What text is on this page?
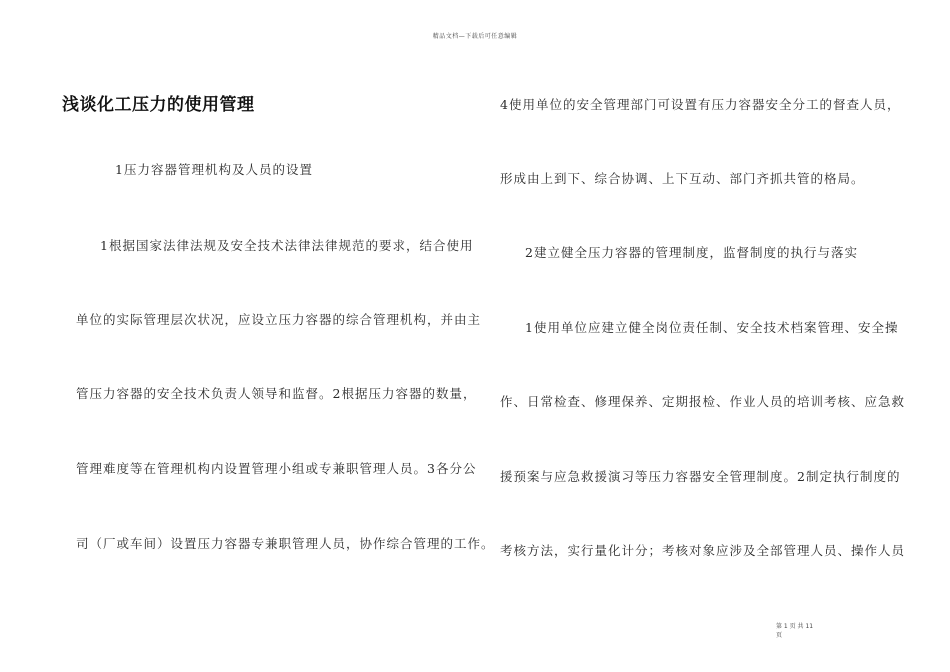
精品文档—下载后可任意编辑
浅谈化工压力的使用管理
1压力容器管理机构及人员的设置
1根据国家法律法规及安全技术法律法律规范的要求，结合使用
单位的实际管理层次状况，应设立压力容器的综合管理机构，并由主
管压力容器的安全技术负责人领导和监督。2根据压力容器的数量，
管理难度等在管理机构内设置管理小组或专兼职管理人员。3各分公
司（厂或车间）设置压力容器专兼职管理人员，协作综合管理的工作。
4使用单位的安全管理部门可设置有压力容器安全分工的督查人员，
形成由上到下、综合协调、上下互动、部门齐抓共管的格局。
2建立健全压力容器的管理制度，监督制度的执行与落实
1使用单位应建立健全岗位责任制、安全技术档案管理、安全操
作、日常检查、修理保养、定期报检、作业人员的培训考核、应急救
援预案与应急救援演习等压力容器安全管理制度。2制定执行制度的
考核方法，实行量化计分；考核对象应涉及全部管理人员、操作人员
第 1 页 共 11
页
